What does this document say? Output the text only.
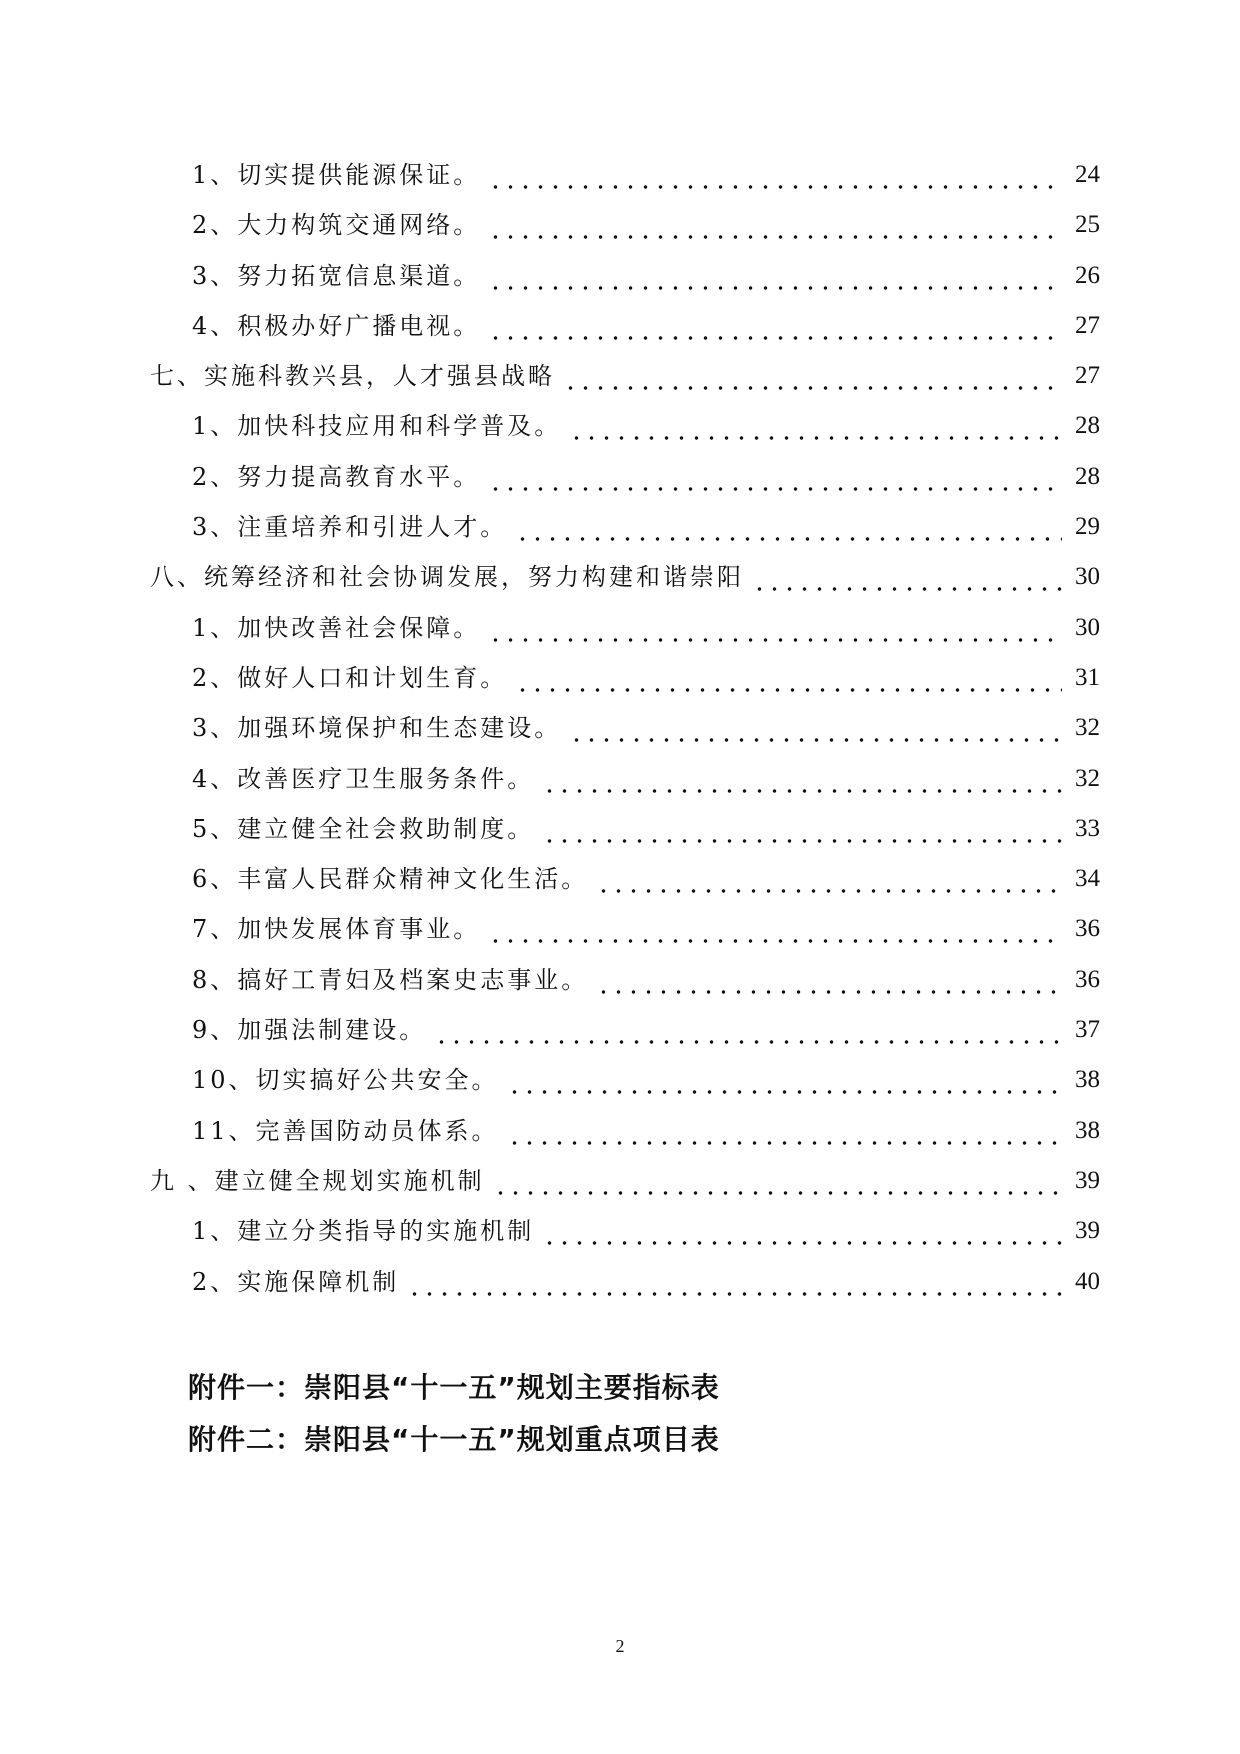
1、切实提供能源保证。	24
2、大力构筑交通网络。	25
3、努力拓宽信息渠道。	26
4、积极办好广播电视。	27
七、实施科教兴县，人才强县战略	27
1、加快科技应用和科学普及。	28
2、努力提高教育水平。	28
3、注重培养和引进人才。	29
八、统筹经济和社会协调发展，努力构建和谐崇阳	30
1、加快改善社会保障。	30
2、做好人口和计划生育。	31
3、加强环境保护和生态建设。	32
4、改善医疗卫生服务条件。	32
5、建立健全社会救助制度。	33
6、丰富人民群众精神文化生活。	34
7、加快发展体育事业。	36
8、搞好工青妇及档案史志事业。	36
9、加强法制建设。	37
10、切实搞好公共安全。	38
11、完善国防动员体系。	38
九 、建立健全规划实施机制	39
1、建立分类指导的实施机制	39
2、实施保障机制	40
附件一：崇阳县“十一五”规划主要指标表
附件二：崇阳县“十一五”规划重点项目表
2
